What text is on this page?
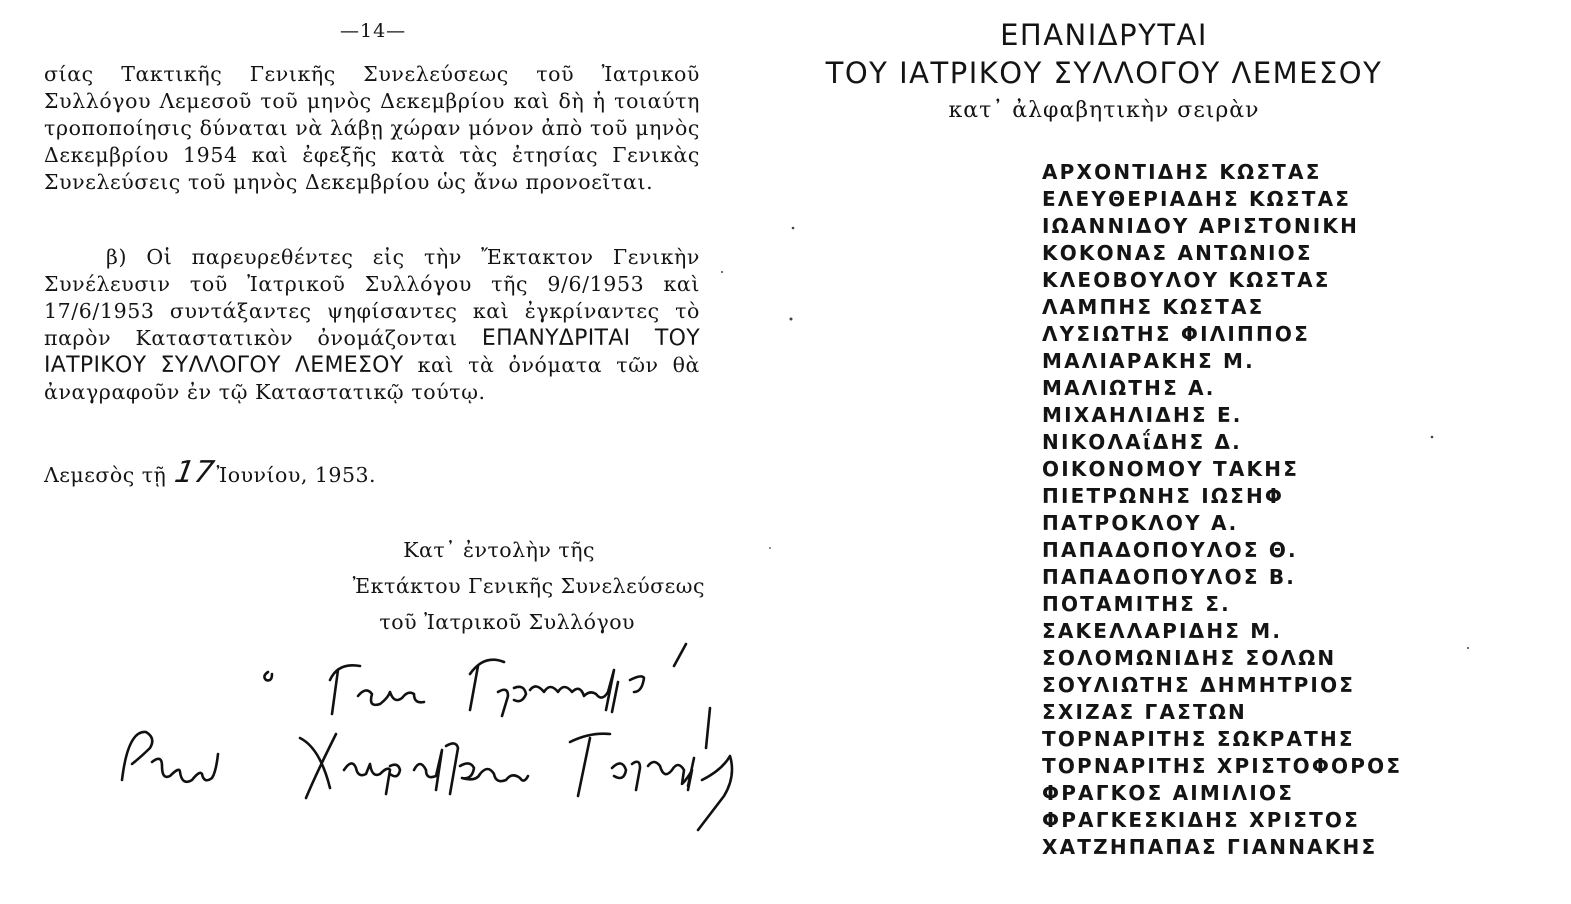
—14—
σίας Τακτικῆς Γενικῆς Συνελεύσεως τοῦ Ἰατρικοῦ Συλλόγου Λεμεσοῦ τοῦ μηνὸς Δεκεμβρίου καὶ δὴ ἡ τοιαύτη τροποποίησις δύναται νὰ λάβῃ χώραν μόνον ἀπὸ τοῦ μηνὸς Δεκεμβρίου 1954 καὶ ἐφεξῆς κατὰ τὰς ἐτησίας Γενικὰς Συνελεύσεις τοῦ μηνὸς Δεκεμβρίου ὡς ἄνω προνοεῖται.
β) Οἱ παρευρεθέντες εἰς τὴν Ἔκτακτον Γενικὴν Συνέλευσιν τοῦ Ἰατρικοῦ Συλλόγου τῆς 9/6/1953 καὶ 17/6/1953 συντάξαντες ψηφίσαντες καὶ ἐγκρίναντες τὸ παρὸν Καταστατικὸν ὀνομάζονται ΕΠΑΝΥΔΡΙΤΑΙ ΤΟΥ ΙΑΤΡΙΚΟΥ ΣΥΛΛΟΓΟΥ ΛΕΜΕΣΟΥ καὶ τὰ ὀνόματα τῶν θὰ ἀναγραφοῦν ἐν τῷ Καταστατικῷ τούτῳ.
Λεμεσὸς τῇ 17Ἰουνίου, 1953.
Κατ᾽ ἐντολὴν τῆς
Ἐκτάκτου Γενικῆς Συνελεύσεως
τοῦ Ἰατρικοῦ Συλλόγου
ΕΠΑΝΙΔΡΥΤΑΙ
ΤΟΥ ΙΑΤΡΙΚΟΥ ΣΥΛΛΟΓΟΥ ΛΕΜΕΣΟΥ
κατ᾽ ἀλφαβητικὴν σειρὰν
ΑΡΧΟΝΤΙΔΗΣ ΚΩΣΤΑΣ
ΕΛΕΥΘΕΡΙΑΔΗΣ ΚΩΣΤΑΣ
ΙΩΑΝΝΙΔΟΥ ΑΡΙΣΤΟΝΙΚΗ
ΚΟΚΟΝΑΣ ΑΝΤΩΝΙΟΣ
ΚΛΕΟΒΟΥΛΟΥ ΚΩΣΤΑΣ
ΛΑΜΠΗΣ ΚΩΣΤΑΣ
ΛΥΣΙΩΤΗΣ ΦΙΛΙΠΠΟΣ
ΜΑΛΙΑΡΑΚΗΣ Μ.
ΜΑΛΙΩΤΗΣ Α.
ΜΙΧΑΗΛΙΔΗΣ Ε.
ΝΙΚΟΛΑΐΔΗΣ Δ.
ΟΙΚΟΝΟΜΟΥ ΤΑΚΗΣ
ΠΙΕΤΡΩΝΗΣ ΙΩΣΗΦ
ΠΑΤΡΟΚΛΟΥ Α.
ΠΑΠΑΔΟΠΟΥΛΟΣ Θ.
ΠΑΠΑΔΟΠΟΥΛΟΣ Β.
ΠΟΤΑΜΙΤΗΣ Σ.
ΣΑΚΕΛΛΑΡΙΔΗΣ Μ.
ΣΟΛΟΜΩΝΙΔΗΣ ΣΟΛΩΝ
ΣΟΥΛΙΩΤΗΣ ΔΗΜΗΤΡΙΟΣ
ΣΧΙΖΑΣ ΓΑΣΤΩΝ
ΤΟΡΝΑΡΙΤΗΣ ΣΩΚΡΑΤΗΣ
ΤΟΡΝΑΡΙΤΗΣ ΧΡΙΣΤΟΦΟΡΟΣ
ΦΡΑΓΚΟΣ ΑΙΜΙΛΙΟΣ
ΦΡΑΓΚΕΣΚΙΔΗΣ ΧΡΙΣΤΟΣ
ΧΑΤΖΗΠΑΠΑΣ ΓΙΑΝΝΑΚΗΣ
